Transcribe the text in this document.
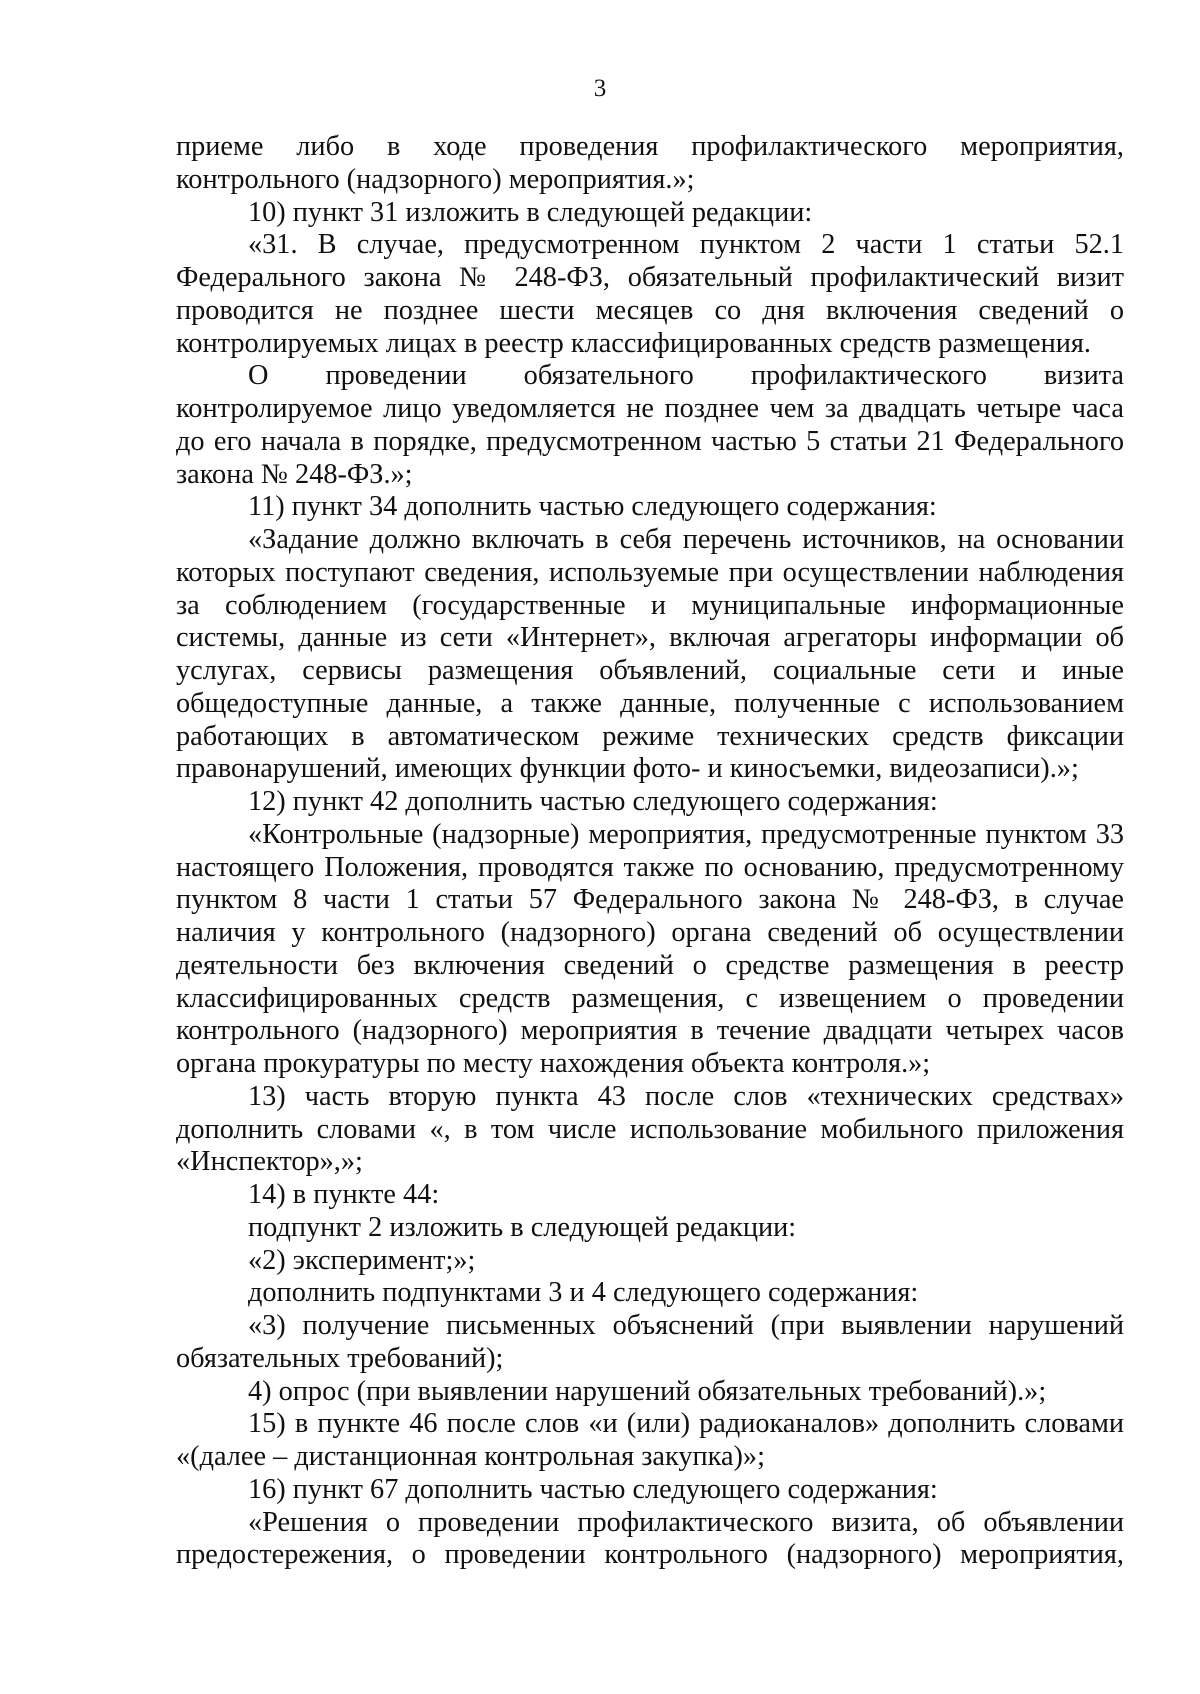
3

приеме либо в ходе проведения профилактического мероприятия, контрольного (надзорного) мероприятия.»;

10) пункт 31 изложить в следующей редакции:

«31. В случае, предусмотренном пунктом 2 части 1 статьи 52.1 Федерального закона № 248-ФЗ, обязательный профилактический визит проводится не позднее шести месяцев со дня включения сведений о контролируемых лицах в реестр классифицированных средств размещения.

О проведении обязательного профилактического визита контролируемое лицо уведомляется не позднее чем за двадцать четыре часа до его начала в порядке, предусмотренном частью 5 статьи 21 Федерального закона № 248-ФЗ.»;

11) пункт 34 дополнить частью следующего содержания:

«Задание должно включать в себя перечень источников, на основании которых поступают сведения, используемые при осуществлении наблюдения за соблюдением (государственные и муниципальные информационные системы, данные из сети «Интернет», включая агрегаторы информации об услугах, сервисы размещения объявлений, социальные сети и иные общедоступные данные, а также данные, полученные с использованием работающих в автоматическом режиме технических средств фиксации правонарушений, имеющих функции фото- и киносъемки, видеозаписи).»;

12) пункт 42 дополнить частью следующего содержания:

«Контрольные (надзорные) мероприятия, предусмотренные пунктом 33 настоящего Положения, проводятся также по основанию, предусмотренному пунктом 8 части 1 статьи 57 Федерального закона № 248-ФЗ, в случае наличия у контрольного (надзорного) органа сведений об осуществлении деятельности без включения сведений о средстве размещения в реестр классифицированных средств размещения, с извещением о проведении контрольного (надзорного) мероприятия в течение двадцати четырех часов органа прокуратуры по месту нахождения объекта контроля.»;

13) часть вторую пункта 43 после слов «технических средствах» дополнить словами «, в том числе использование мобильного приложения «Инспектор»,»;

14) в пункте 44:

подпункт 2 изложить в следующей редакции:

«2) эксперимент;»;

дополнить подпунктами 3 и 4 следующего содержания:

«3) получение письменных объяснений (при выявлении нарушений обязательных требований);

4) опрос (при выявлении нарушений обязательных требований).»;

15) в пункте 46 после слов «и (или) радиоканалов» дополнить словами «(далее – дистанционная контрольная закупка)»;

16) пункт 67 дополнить частью следующего содержания:

«Решения о проведении профилактического визита, об объявлении предостережения, о проведении контрольного (надзорного) мероприятия,
